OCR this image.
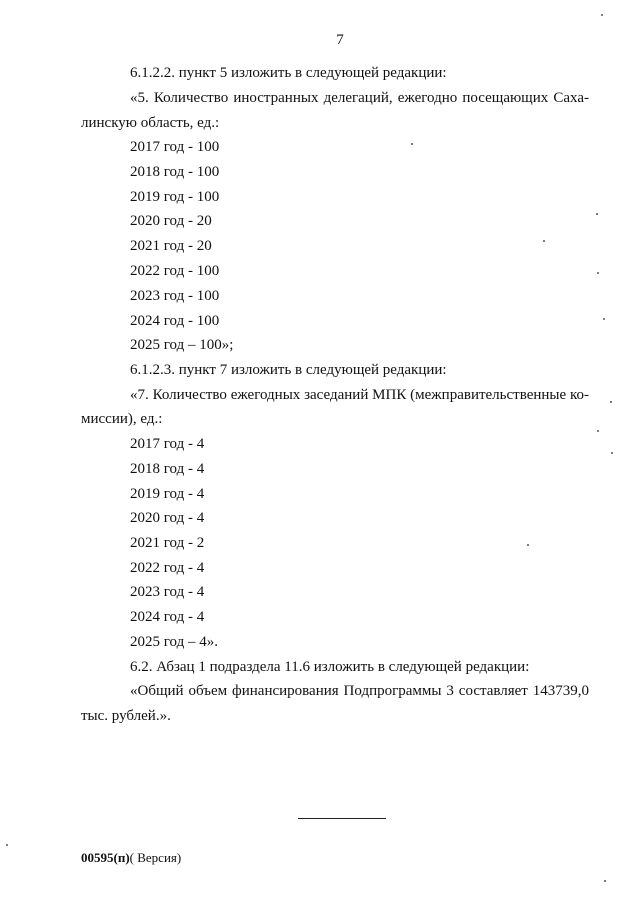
7
6.1.2.2. пункт 5 изложить в следующей редакции:
«5. Количество иностранных делегаций, ежегодно посещающих Саха-
линскую область, ед.:
2017 год - 100
2018 год - 100
2019 год - 100
2020 год - 20
2021 год - 20
2022 год - 100
2023 год - 100
2024 год - 100
2025 год – 100»;
6.1.2.3. пункт 7 изложить в следующей редакции:
«7. Количество ежегодных заседаний МПК (межправительственные ко-
миссии), ед.:
2017 год - 4
2018 год - 4
2019 год - 4
2020 год - 4
2021 год - 2
2022 год - 4
2023 год - 4
2024 год - 4
2025 год – 4».
6.2. Абзац 1 подраздела 11.6 изложить в следующей редакции:
«Общий объем финансирования Подпрограммы 3 составляет 143739,0
тыс. рублей.».
00595(п)( Версия)
